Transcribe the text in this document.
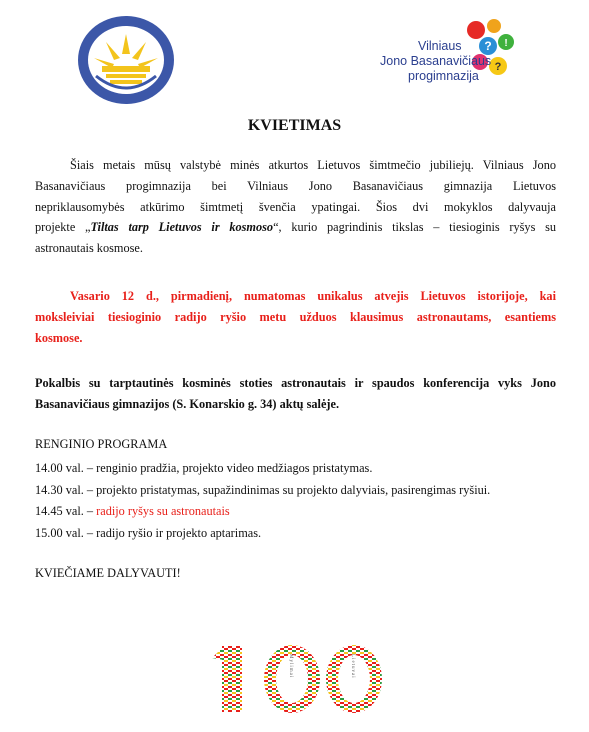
? !
?
Vilniaus
Jono Basanavičiaus
progimnazija
KVIETIMAS
Šiais metais mūsų valstybė minės atkurtos Lietuvos šimtmečio jubiliejų. Vilniaus Jono
Basanavičiaus progimnazija bei Vilniaus Jono Basanavičiaus gimnazija Lietuvos
nepriklausomybės atkūrimo šimtmetį švenčia ypatingai. Šios dvi mokyklos dalyvauja
projekte „Tiltas tarp Lietuvos ir kosmoso“, kurio pagrindinis tikslas – tiesioginis ryšys su
astronautais kosmose.
Vasario 12 d., pirmadienį, numatomas unikalus atvejis Lietuvos istorijoje, kai
moksleiviai tiesioginio radijo ryšio metu užduos klausimus astronautams, esantiems
kosmose.
Pokalbis su tarptautinės kosminės stoties astronautais ir spaudos konferencija vyks Jono
Basanavičiaus gimnazijos (S. Konarskio g. 34) aktų salėje.
RENGINIO PROGRAMA
14.00 val. – renginio pradžia, projekto video medžiagos pristatymas.
14.30 val. – projekto pristatymas, supažindinimas su projekto dalyviais, pasirengimas ryšiui.
14.45 val. – radijo ryšys su astronautais
15.00 val. – radijo ryšio ir projekto aptarimas.
KVIEČIAME DALYVAUTI!
Mylimai	Lietuvai
